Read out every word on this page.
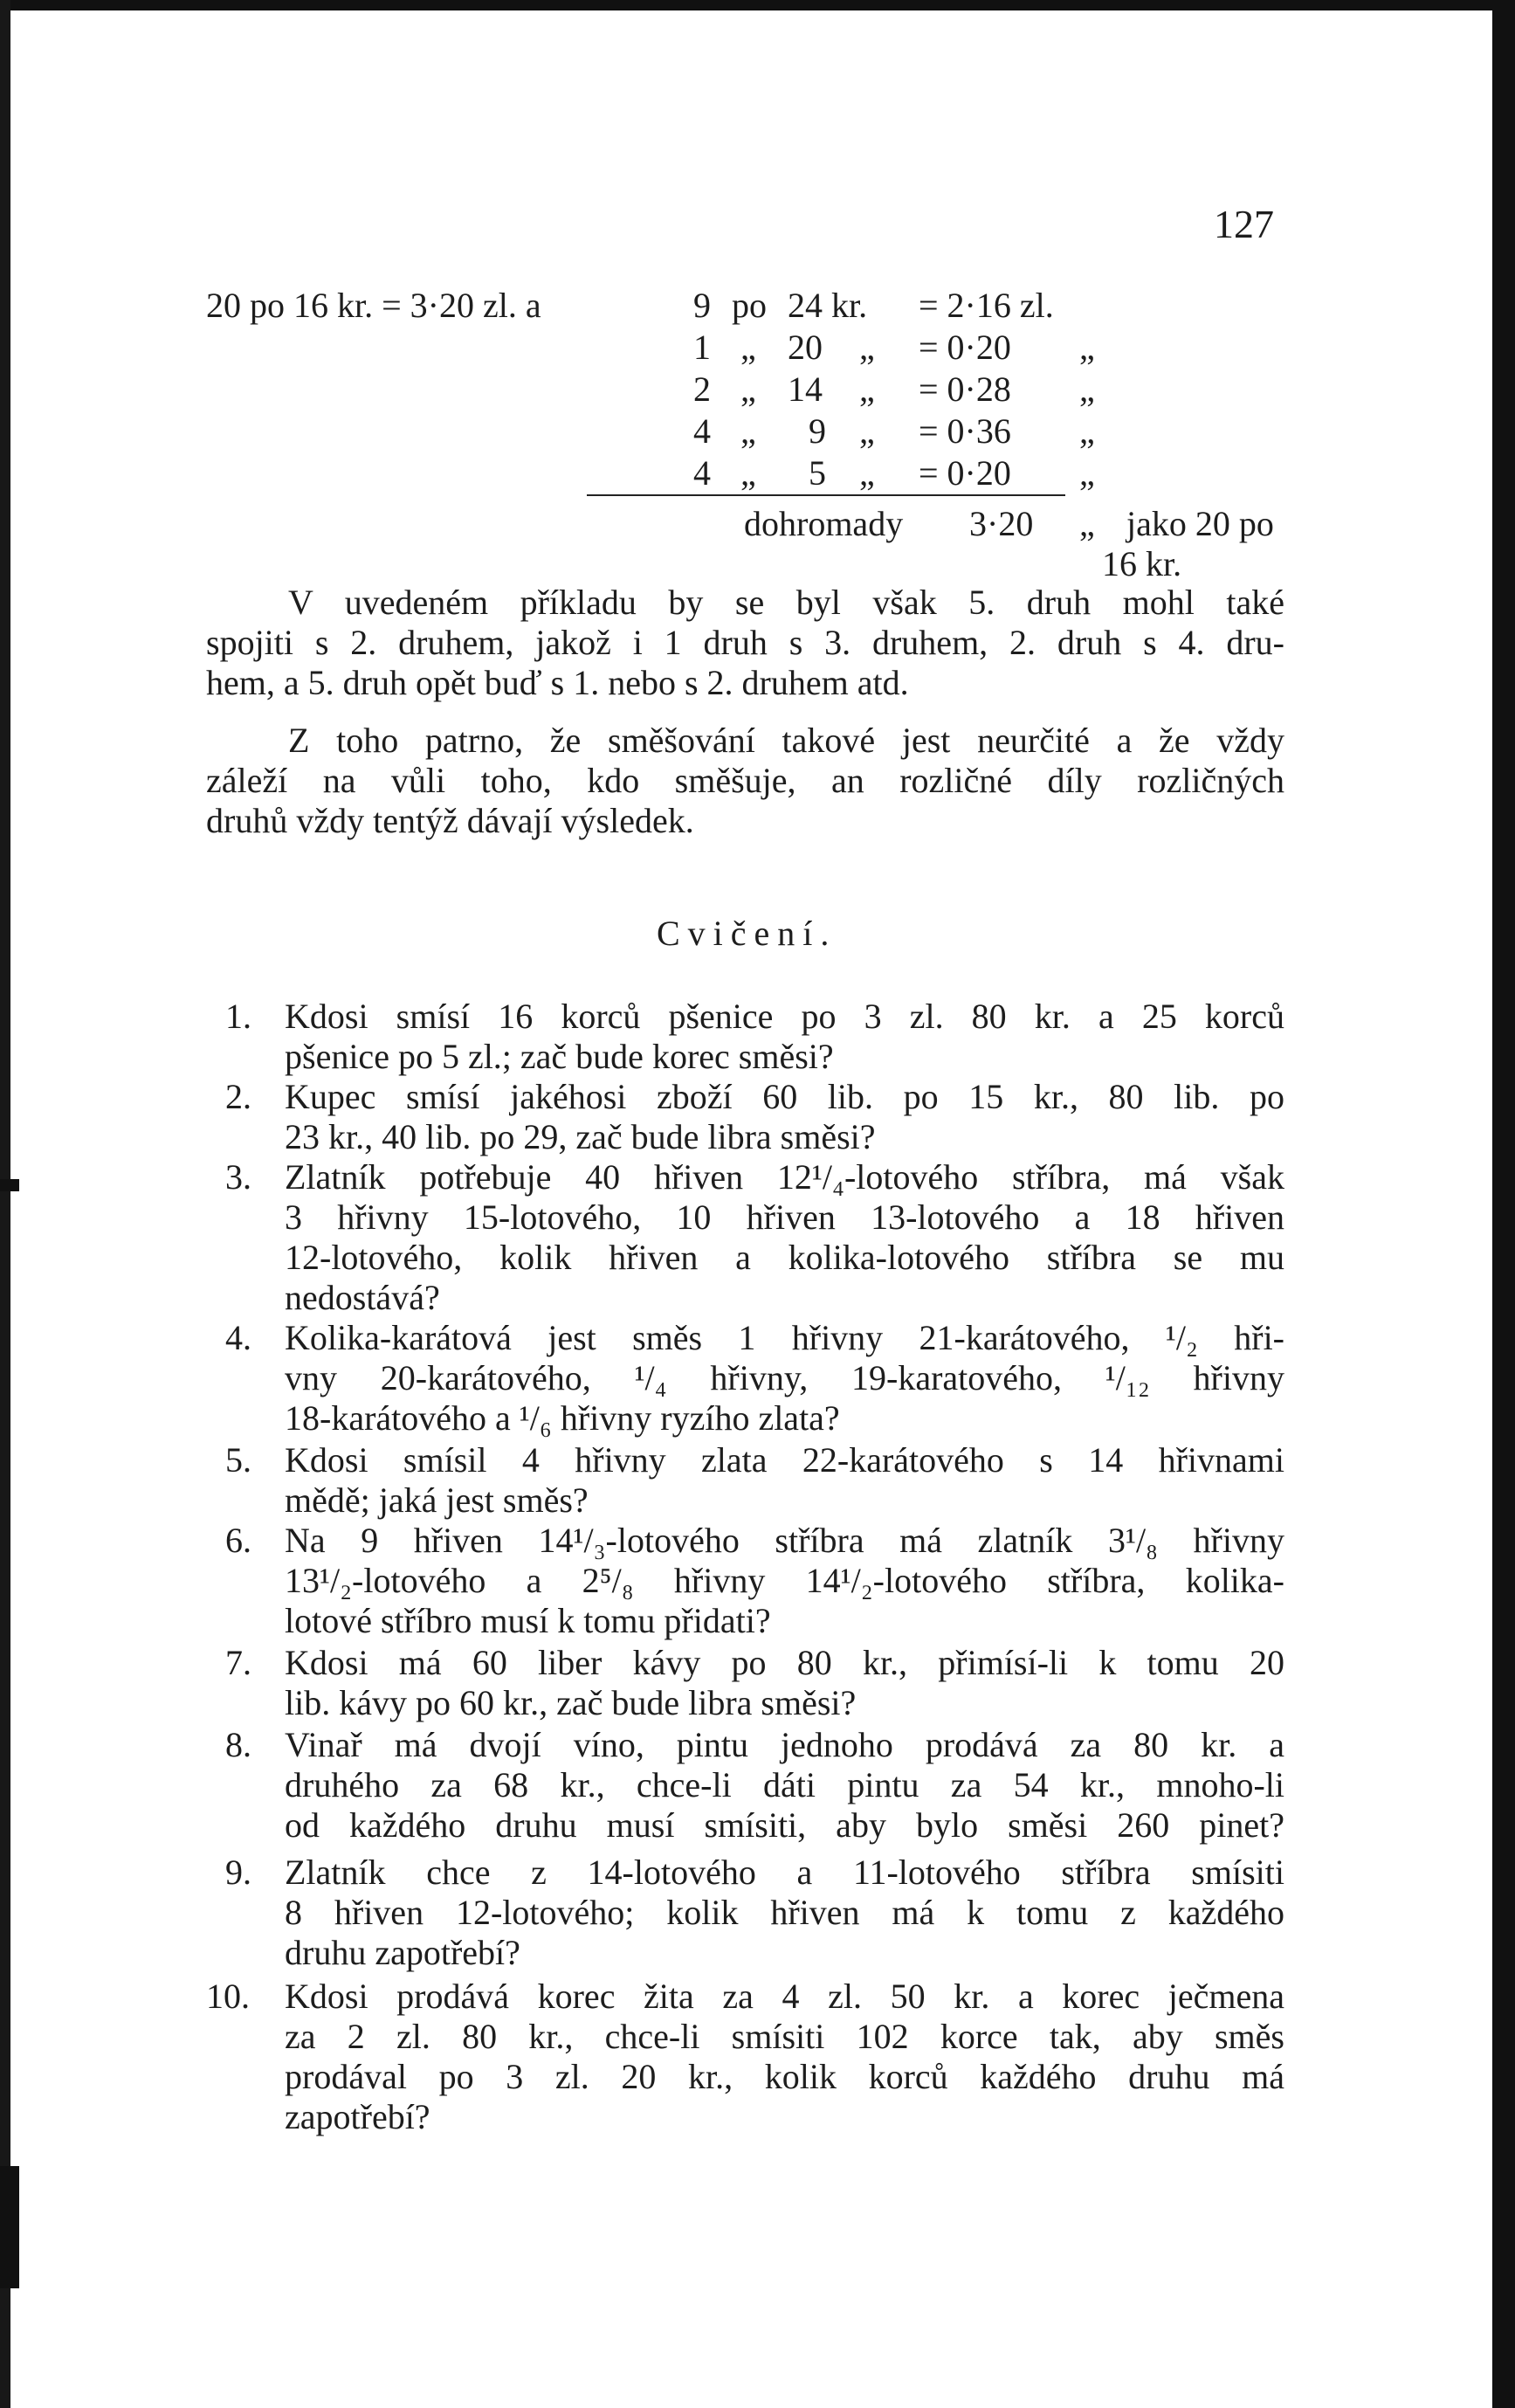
127
20 po 16 kr. = 3·20 zl. a	9 po 24 kr. = 2·16 zl.
1 „ 20 „ = 0·20 „
2 „ 14 „ = 0·28 „
4 „ 9 „ = 0·36 „
4 „ 5 „ = 0·20 „
dohromady 3·20 „ jako 20 po
16 kr.
V uvedeném příkladu by se byl však 5. druh mohl také
spojiti s 2. druhem, jakož i 1 druh s 3. druhem, 2. druh s 4. dru-
hem, a 5. druh opět buď s 1. nebo s 2. druhem atd.
Z toho patrno, že směšování takové jest neurčité a že vždy
záleží na vůli toho, kdo směšuje, an rozličné díly rozličných
druhů vždy tentýž dávají výsledek.
Cvičení.
1. Kdosi smísí 16 korců pšenice po 3 zl. 80 kr. a 25 korců
pšenice po 5 zl.; zač bude korec směsi?
2. Kupec smísí jakéhosi zboží 60 lib. po 15 kr., 80 lib. po
23 kr., 40 lib. po 29, zač bude libra směsi?
3. Zlatník potřebuje 40 hřiven 12¹/₄-lotového stříbra, má však
3 hřivny 15-lotového, 10 hřiven 13-lotového a 18 hřiven
12-lotového, kolik hřiven a kolika-lotového stříbra se mu
nedostává?
4. Kolika-karátová jest směs 1 hřivny 21-karátového, ¹/₂ hři-
vny 20-karátového, ¹/₄ hřivny, 19-karatového, ¹/₁₂ hřivny
18-karátového a ¹/₆ hřivny ryzího zlata?
5. Kdosi smísil 4 hřivny zlata 22-karátového s 14 hřivnami
mědě; jaká jest směs?
6. Na 9 hřiven 14¹/₃-lotového stříbra má zlatník 3¹/₈ hřivny
13¹/₂-lotového a 2⁵/₈ hřivny 14¹/₂-lotového stříbra, kolika-
lotové stříbro musí k tomu přidati?
7. Kdosi má 60 liber kávy po 80 kr., přimísí-li k tomu 20
lib. kávy po 60 kr., zač bude libra směsi?
8. Vinař má dvojí víno, pintu jednoho prodává za 80 kr. a
druhého za 68 kr., chce-li dáti pintu za 54 kr., mnoho-li
od každého druhu musí smísiti, aby bylo směsi 260 pinet?
9. Zlatník chce z 14-lotového a 11-lotového stříbra smísiti
8 hřiven 12-lotového; kolik hřiven má k tomu z každého
druhu zapotřebí?
10. Kdosi prodává korec žita za 4 zl. 50 kr. a korec ječmena
za 2 zl. 80 kr., chce-li smísiti 102 korce tak, aby směs
prodával po 3 zl. 20 kr., kolik korců každého druhu má
zapotřebí?
